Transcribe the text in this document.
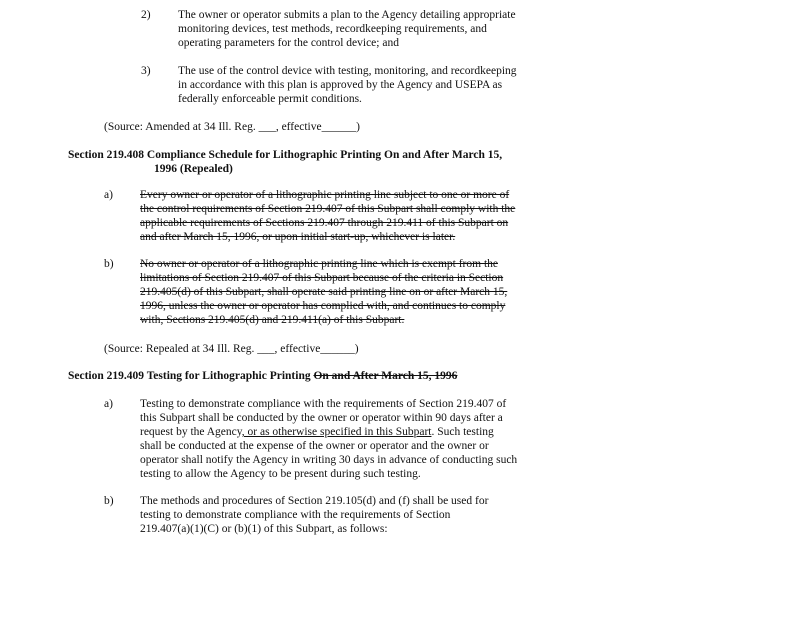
2) The owner or operator submits a plan to the Agency detailing appropriate
monitoring devices, test methods, recordkeeping requirements, and
operating parameters for the control device; and
3) The use of the control device with testing, monitoring, and recordkeeping
in accordance with this plan is approved by the Agency and USEPA as
federally enforceable permit conditions.
(Source: Amended at 34 Ill. Reg. ___, effective______)
Section 219.408 Compliance Schedule for Lithographic Printing On and After March 15,
1996 (Repealed)
a) Every owner or operator of a lithographic printing line subject to one or more of
the control requirements of Section 219.407 of this Subpart shall comply with the
applicable requirements of Sections 219.407 through 219.411 of this Subpart on
and after March 15, 1996, or upon initial start-up, whichever is later.
b) No owner or operator of a lithographic printing line which is exempt from the
limitations of Section 219.407 of this Subpart because of the criteria in Section
219.405(d) of this Subpart, shall operate said printing line on or after March 15,
1996, unless the owner or operator has complied with, and continues to comply
with, Sections 219.405(d) and 219.411(a) of this Subpart.
(Source: Repealed at 34 Ill. Reg. ___, effective______)
Section 219.409 Testing for Lithographic Printing On and After March 15, 1996
a) Testing to demonstrate compliance with the requirements of Section 219.407 of
this Subpart shall be conducted by the owner or operator within 90 days after a
request by the Agency, or as otherwise specified in this Subpart. Such testing
shall be conducted at the expense of the owner or operator and the owner or
operator shall notify the Agency in writing 30 days in advance of conducting such
testing to allow the Agency to be present during such testing.
b) The methods and procedures of Section 219.105(d) and (f) shall be used for
testing to demonstrate compliance with the requirements of Section
219.407(a)(1)(C) or (b)(1) of this Subpart, as follows:
